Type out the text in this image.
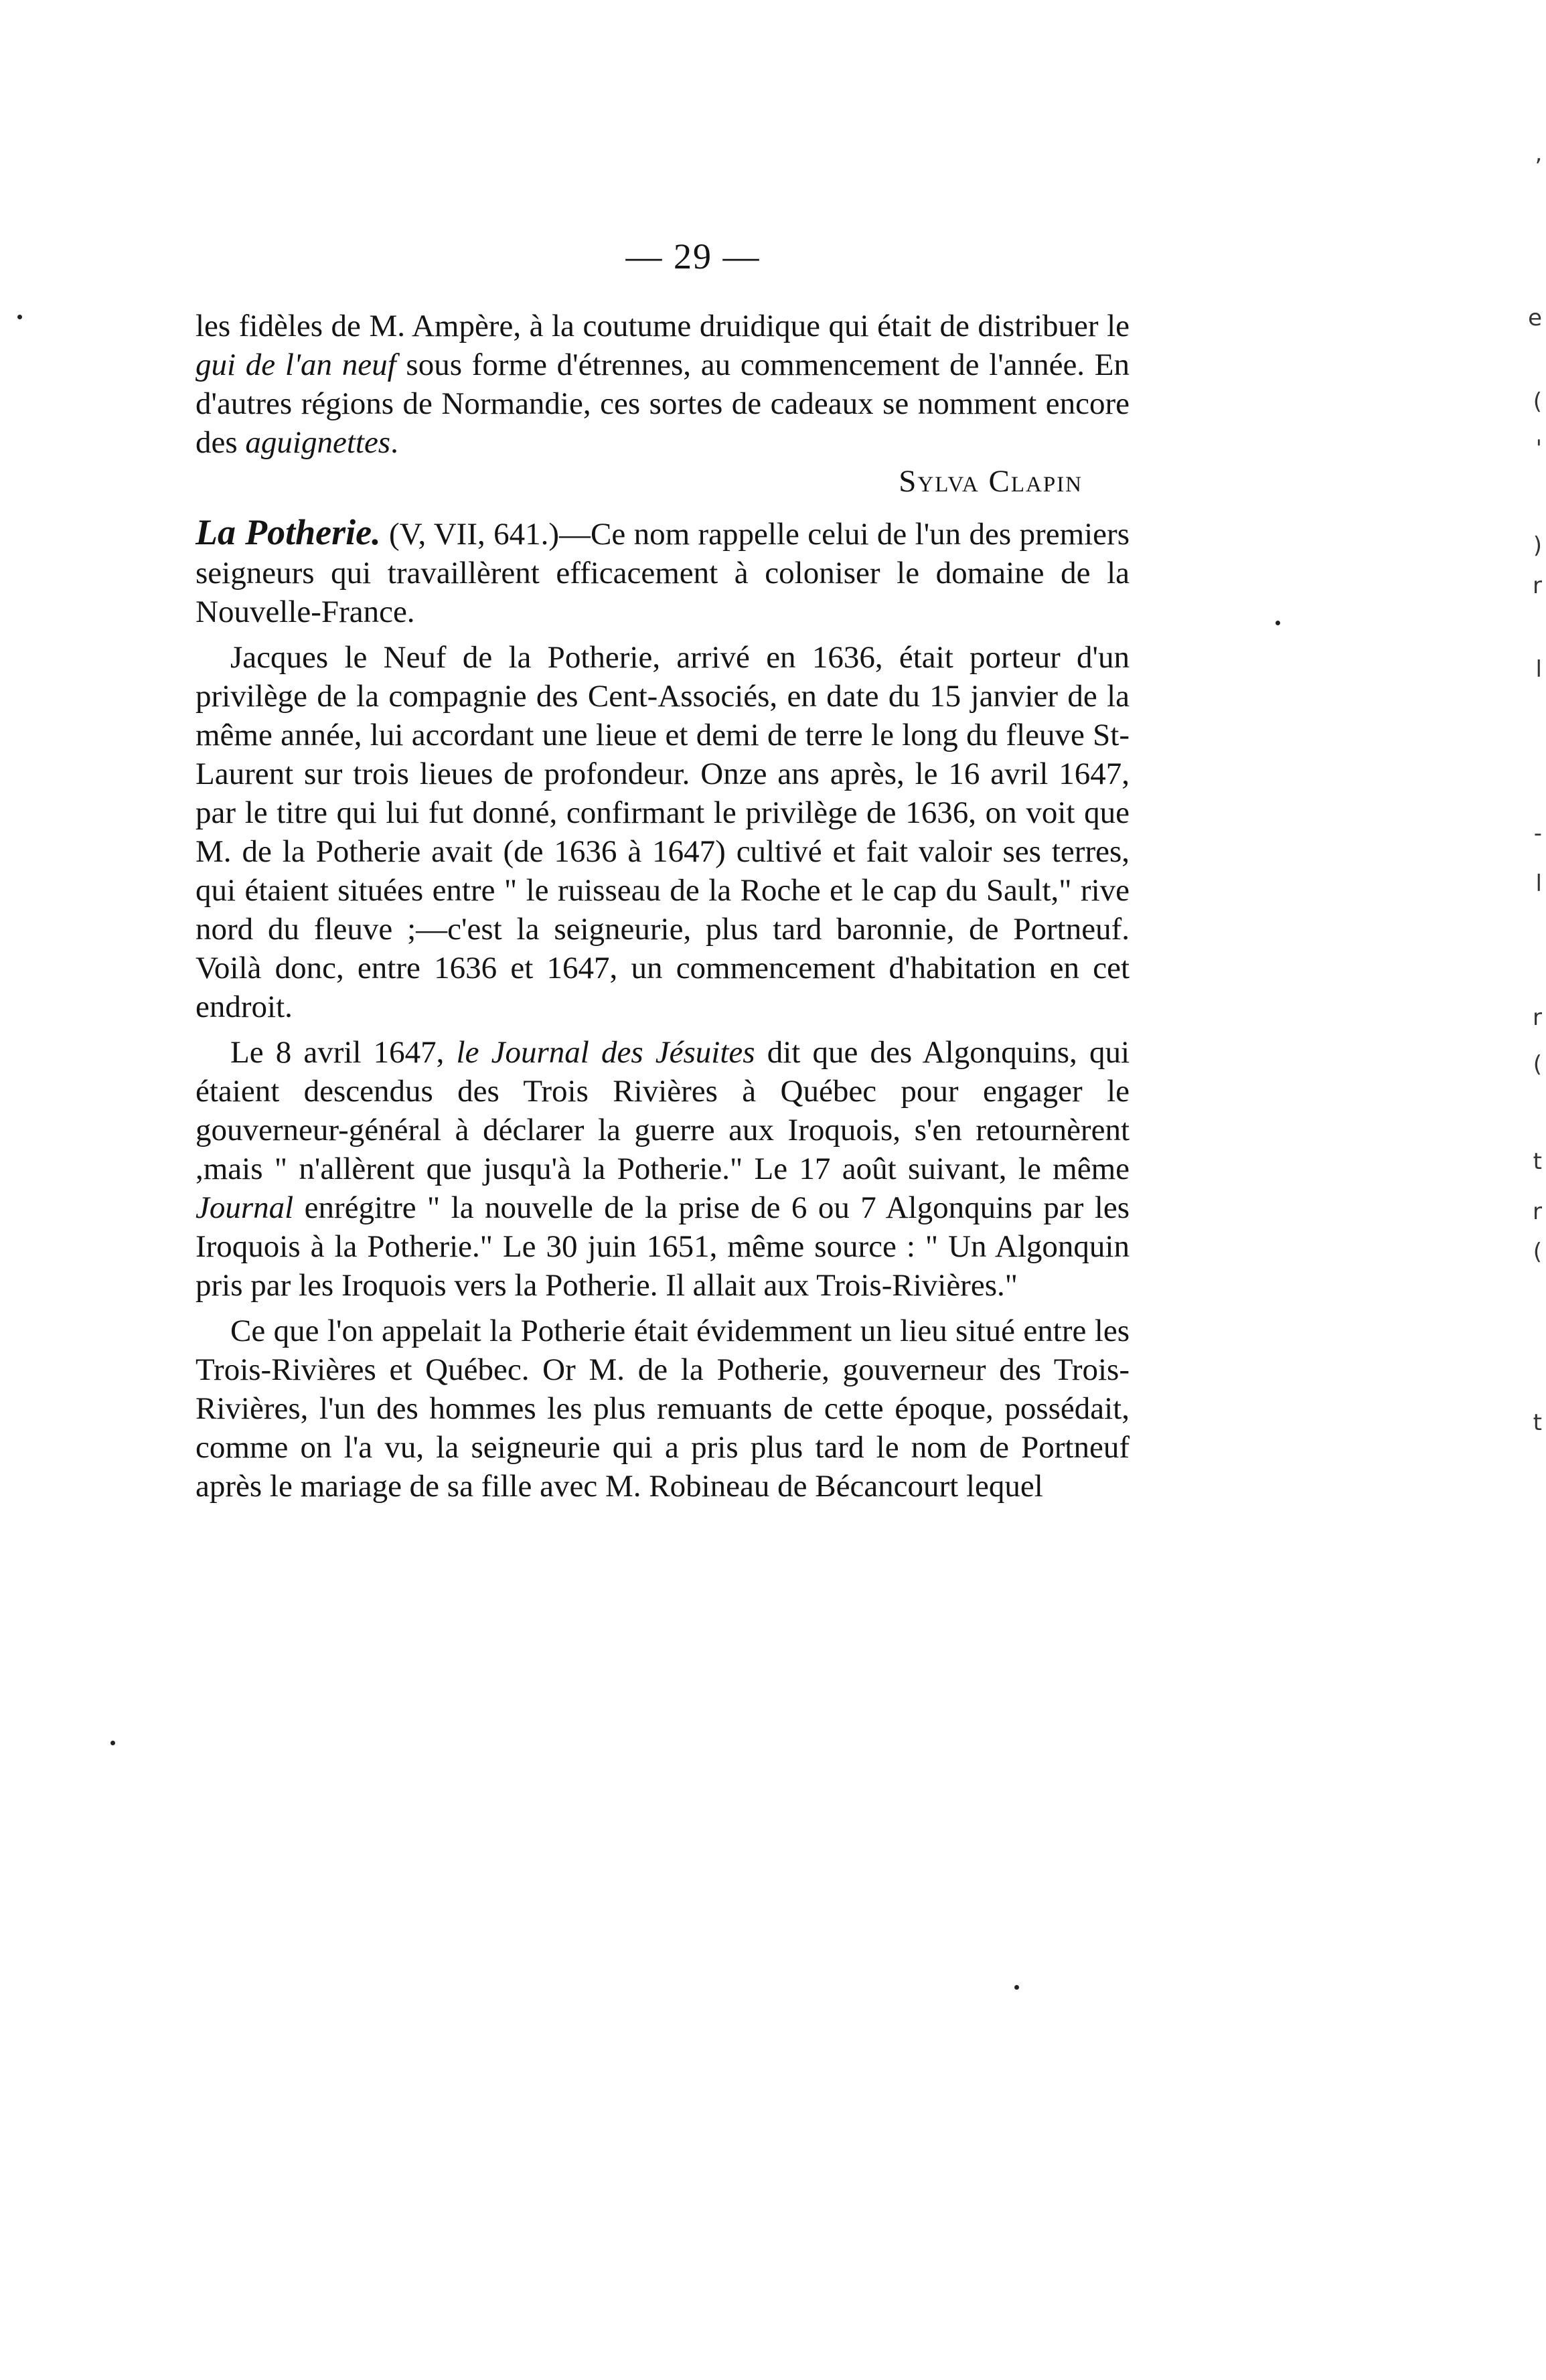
— 29 —

les fidèles de M. Ampère, à la coutume druidique qui était de distribuer le gui de l'an neuf sous forme d'étrennes, au commencement de l'année. En d'autres régions de Normandie, ces sortes de cadeaux se nomment encore des aguignettes.

Sylva Clapin

La Potherie. (V, VII, 641.)—Ce nom rappelle celui de l'un des premiers seigneurs qui travaillèrent efficacement à coloniser le domaine de la Nouvelle-France.

Jacques le Neuf de la Potherie, arrivé en 1636, était porteur d'un privilège de la compagnie des Cent-Associés, en date du 15 janvier de la même année, lui accordant une lieue et demi de terre le long du fleuve St-Laurent sur trois lieues de profondeur. Onze ans après, le 16 avril 1647, par le titre qui lui fut donné, confirmant le privilège de 1636, on voit que M. de la Potherie avait (de 1636 à 1647) cultivé et fait valoir ses terres, qui étaient situées entre " le ruisseau de la Roche et le cap du Sault," rive nord du fleuve ;—c'est la seigneurie, plus tard baronnie, de Portneuf. Voilà donc, entre 1636 et 1647, un commencement d'habitation en cet endroit.

Le 8 avril 1647, le Journal des Jésuites dit que des Algonquins, qui étaient descendus des Trois Rivières à Québec pour engager le gouverneur-général à déclarer la guerre aux Iroquois, s'en retournèrent ,mais " n'allèrent que jusqu'à la Potherie." Le 17 août suivant, le même Journal enrégitre " la nouvelle de la prise de 6 ou 7 Algonquins par les Iroquois à la Potherie." Le 30 juin 1651, même source : " Un Algonquin pris par les Iroquois vers la Potherie. Il allait aux Trois-Rivières."

Ce que l'on appelait la Potherie était évidemment un lieu situé entre les Trois-Rivières et Québec. Or M. de la Potherie, gouverneur des Trois-Rivières, l'un des hommes les plus remuants de cette époque, possédait, comme on l'a vu, la seigneurie qui a pris plus tard le nom de Portneuf après le mariage de sa fille avec M. Robineau de Bécancourt lequel

’
e
(
'
)
r
l
-
l
r
(
t
r
(
t
